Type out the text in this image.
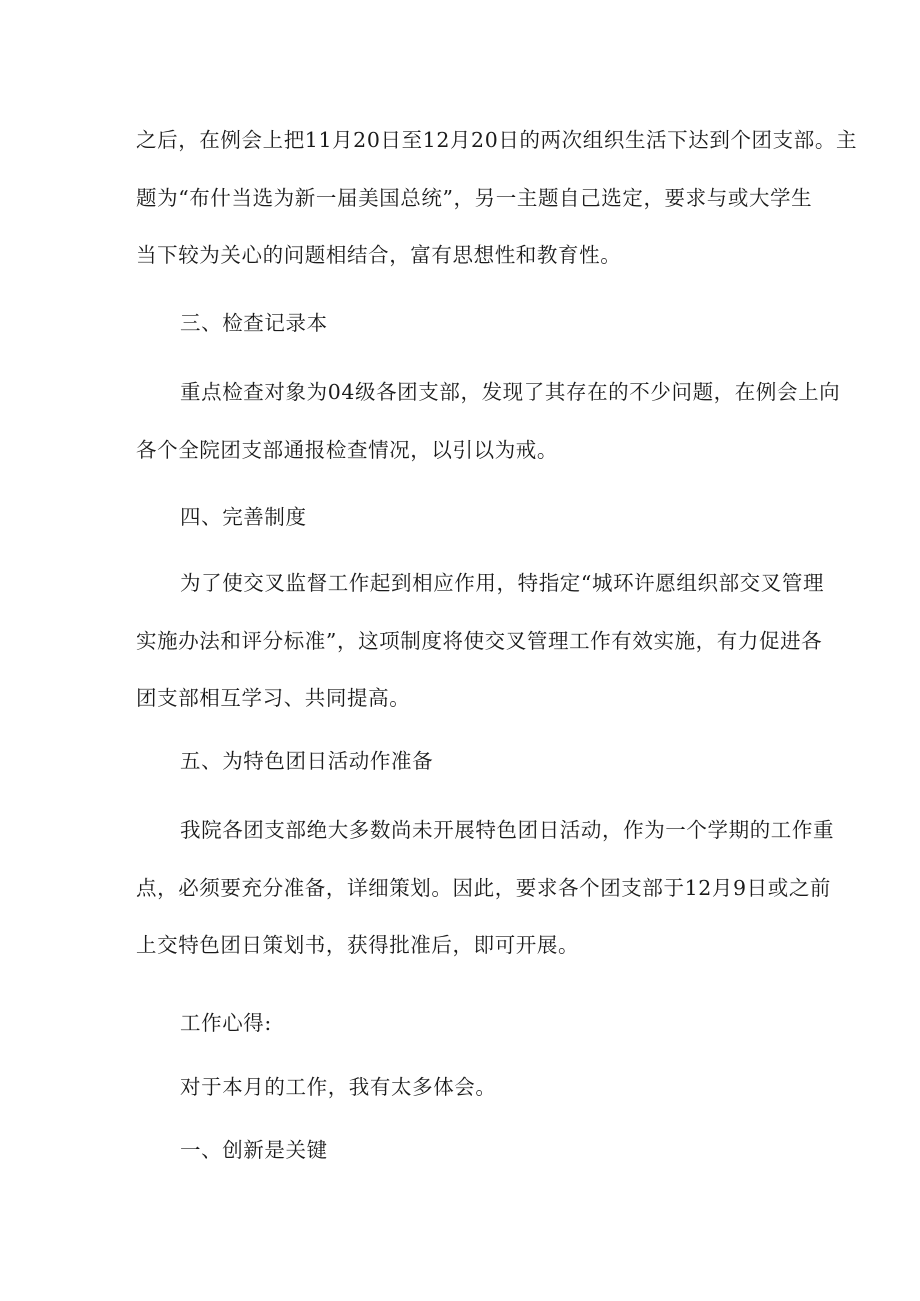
之后，在例会上把11月20日至12月20日的两次组织生活下达到个团支部。主
题为“布什当选为新一届美国总统”，另一主题自己选定，要求与或大学生
当下较为关心的问题相结合，富有思想性和教育性。

三、检查记录本

重点检查对象为04级各团支部，发现了其存在的不少问题，在例会上向
各个全院团支部通报检查情况，以引以为戒。

四、完善制度

为了使交叉监督工作起到相应作用，特指定“城环许愿组织部交叉管理
实施办法和评分标准”，这项制度将使交叉管理工作有效实施，有力促进各
团支部相互学习、共同提高。

五、为特色团日活动作准备

我院各团支部绝大多数尚未开展特色团日活动，作为一个学期的工作重
点，必须要充分准备，详细策划。因此，要求各个团支部于12月9日或之前
上交特色团日策划书，获得批准后，即可开展。

工作心得:
对于本月的工作，我有太多体会。
一、创新是关键
